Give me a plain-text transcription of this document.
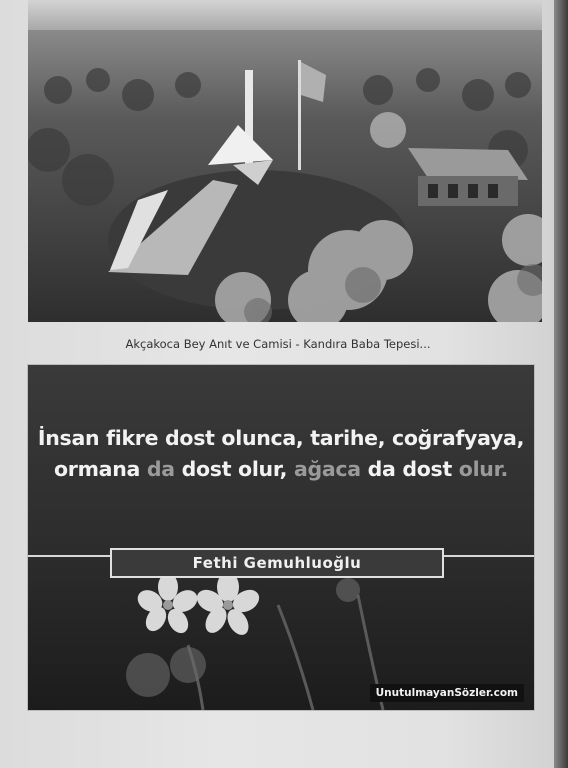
Akçakoca Bey Anıt ve Camisi - Kandıra Baba Tepesi...
İnsan fikre dost olunca, tarihe, coğrafyaya,
ormana da dost olur, ağaca da dost olur.
Fethi Gemuhluoğlu
UnutulmayanSözler.com
